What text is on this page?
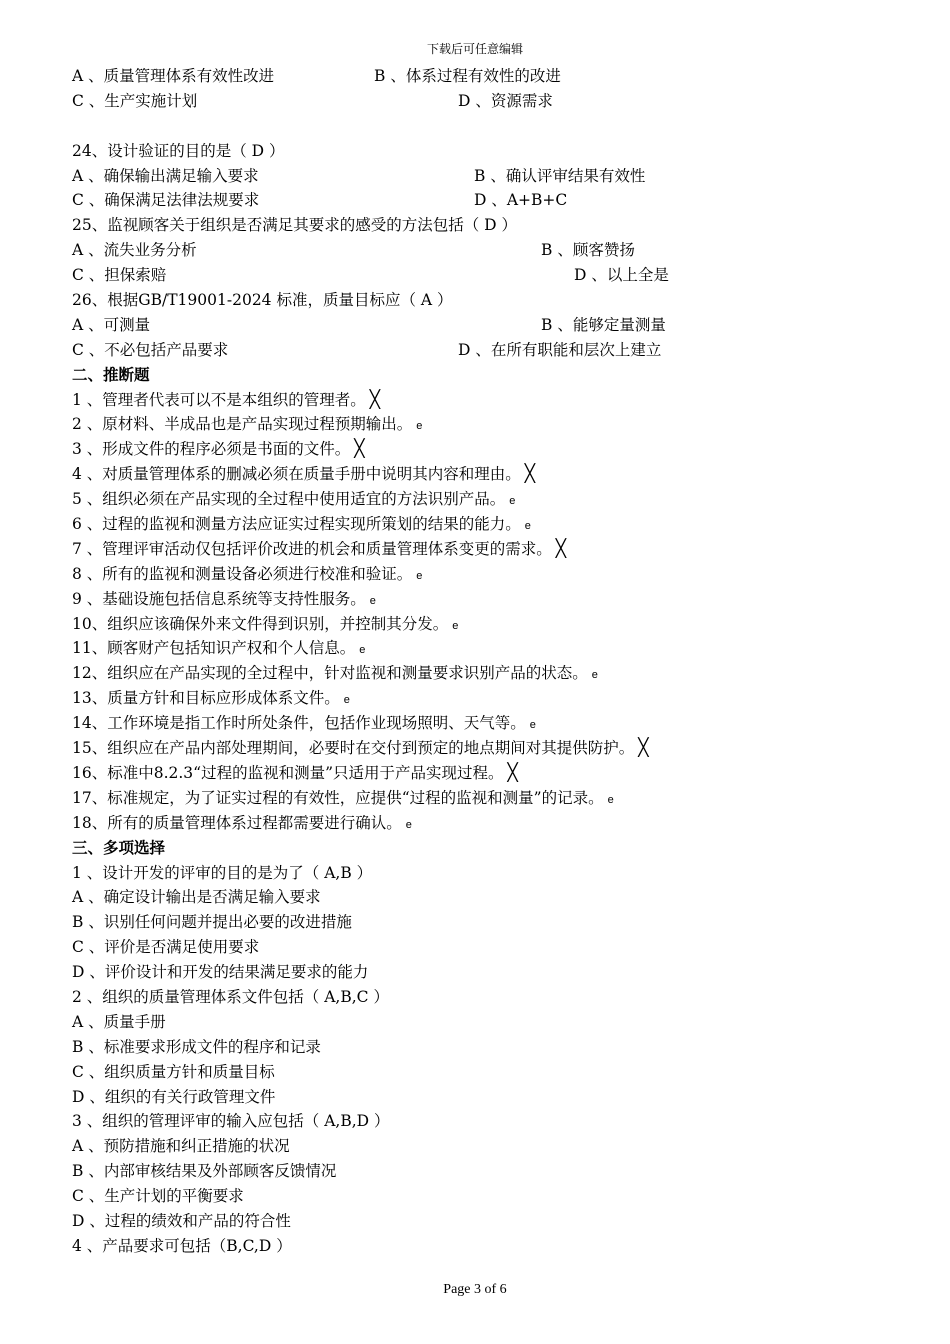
下载后可任意编辑
A 、质量管理体系有效性改进	B 、体系过程有效性的改进
C 、生产实施计划	D 、资源需求
24、设计验证的目的是（ D ）
A 、确保输出满足输入要求	B 、确认评审结果有效性
C 、确保满足法律法规要求	D 、A+B+C
25、监视顾客关于组织是否满足其要求的感受的方法包括（ D ）
A 、流失业务分析	B 、顾客赞扬
C 、担保索赔	D 、以上全是
26、根据GB/T19001-2024 标准，质量目标应（ A ）
A 、可测量	B 、能够定量测量
C 、不必包括产品要求	D 、在所有职能和层次上建立
二、推断题
1 、管理者代表可以不是本组织的管理者。 ╳
2 、原材料、半成品也是产品实现过程预期输出。 e
3 、形成文件的程序必须是书面的文件。 ╳
4 、对质量管理体系的删减必须在质量手册中说明其内容和理由。 ╳
5 、组织必须在产品实现的全过程中使用适宜的方法识别产品。 e
6 、过程的监视和测量方法应证实过程实现所策划的结果的能力。 e
7 、管理评审活动仅包括评价改进的机会和质量管理体系变更的需求。 ╳
8 、所有的监视和测量设备必须进行校准和验证。 e
9 、基础设施包括信息系统等支持性服务。 e
10、组织应该确保外来文件得到识别，并控制其分发。 e
11、顾客财产包括知识产权和个人信息。 e
12、组织应在产品实现的全过程中，针对监视和测量要求识别产品的状态。 e
13、质量方针和目标应形成体系文件。 e
14、工作环境是指工作时所处条件，包括作业现场照明、天气等。 e
15、组织应在产品内部处理期间，必要时在交付到预定的地点期间对其提供防护。 ╳
16、标准中8.2.3“过程的监视和测量”只适用于产品实现过程。 ╳
17、标准规定，为了证实过程的有效性，应提供“过程的监视和测量”的记录。 e
18、所有的质量管理体系过程都需要进行确认。 e
三、多项选择
1 、设计开发的评审的目的是为了（ A,B ）
A 、确定设计输出是否满足输入要求
B 、识别任何问题并提出必要的改进措施
C 、评价是否满足使用要求
D 、评价设计和开发的结果满足要求的能力
2 、组织的质量管理体系文件包括（ A,B,C ）
A 、质量手册
B 、标准要求形成文件的程序和记录
C 、组织质量方针和质量目标
D 、组织的有关行政管理文件
3 、组织的管理评审的输入应包括（ A,B,D ）
A 、预防措施和纠正措施的状况
B 、内部审核结果及外部顾客反馈情况
C 、生产计划的平衡要求
D 、过程的绩效和产品的符合性
4 、产品要求可包括（B,C,D ）
Page 3 of 6
